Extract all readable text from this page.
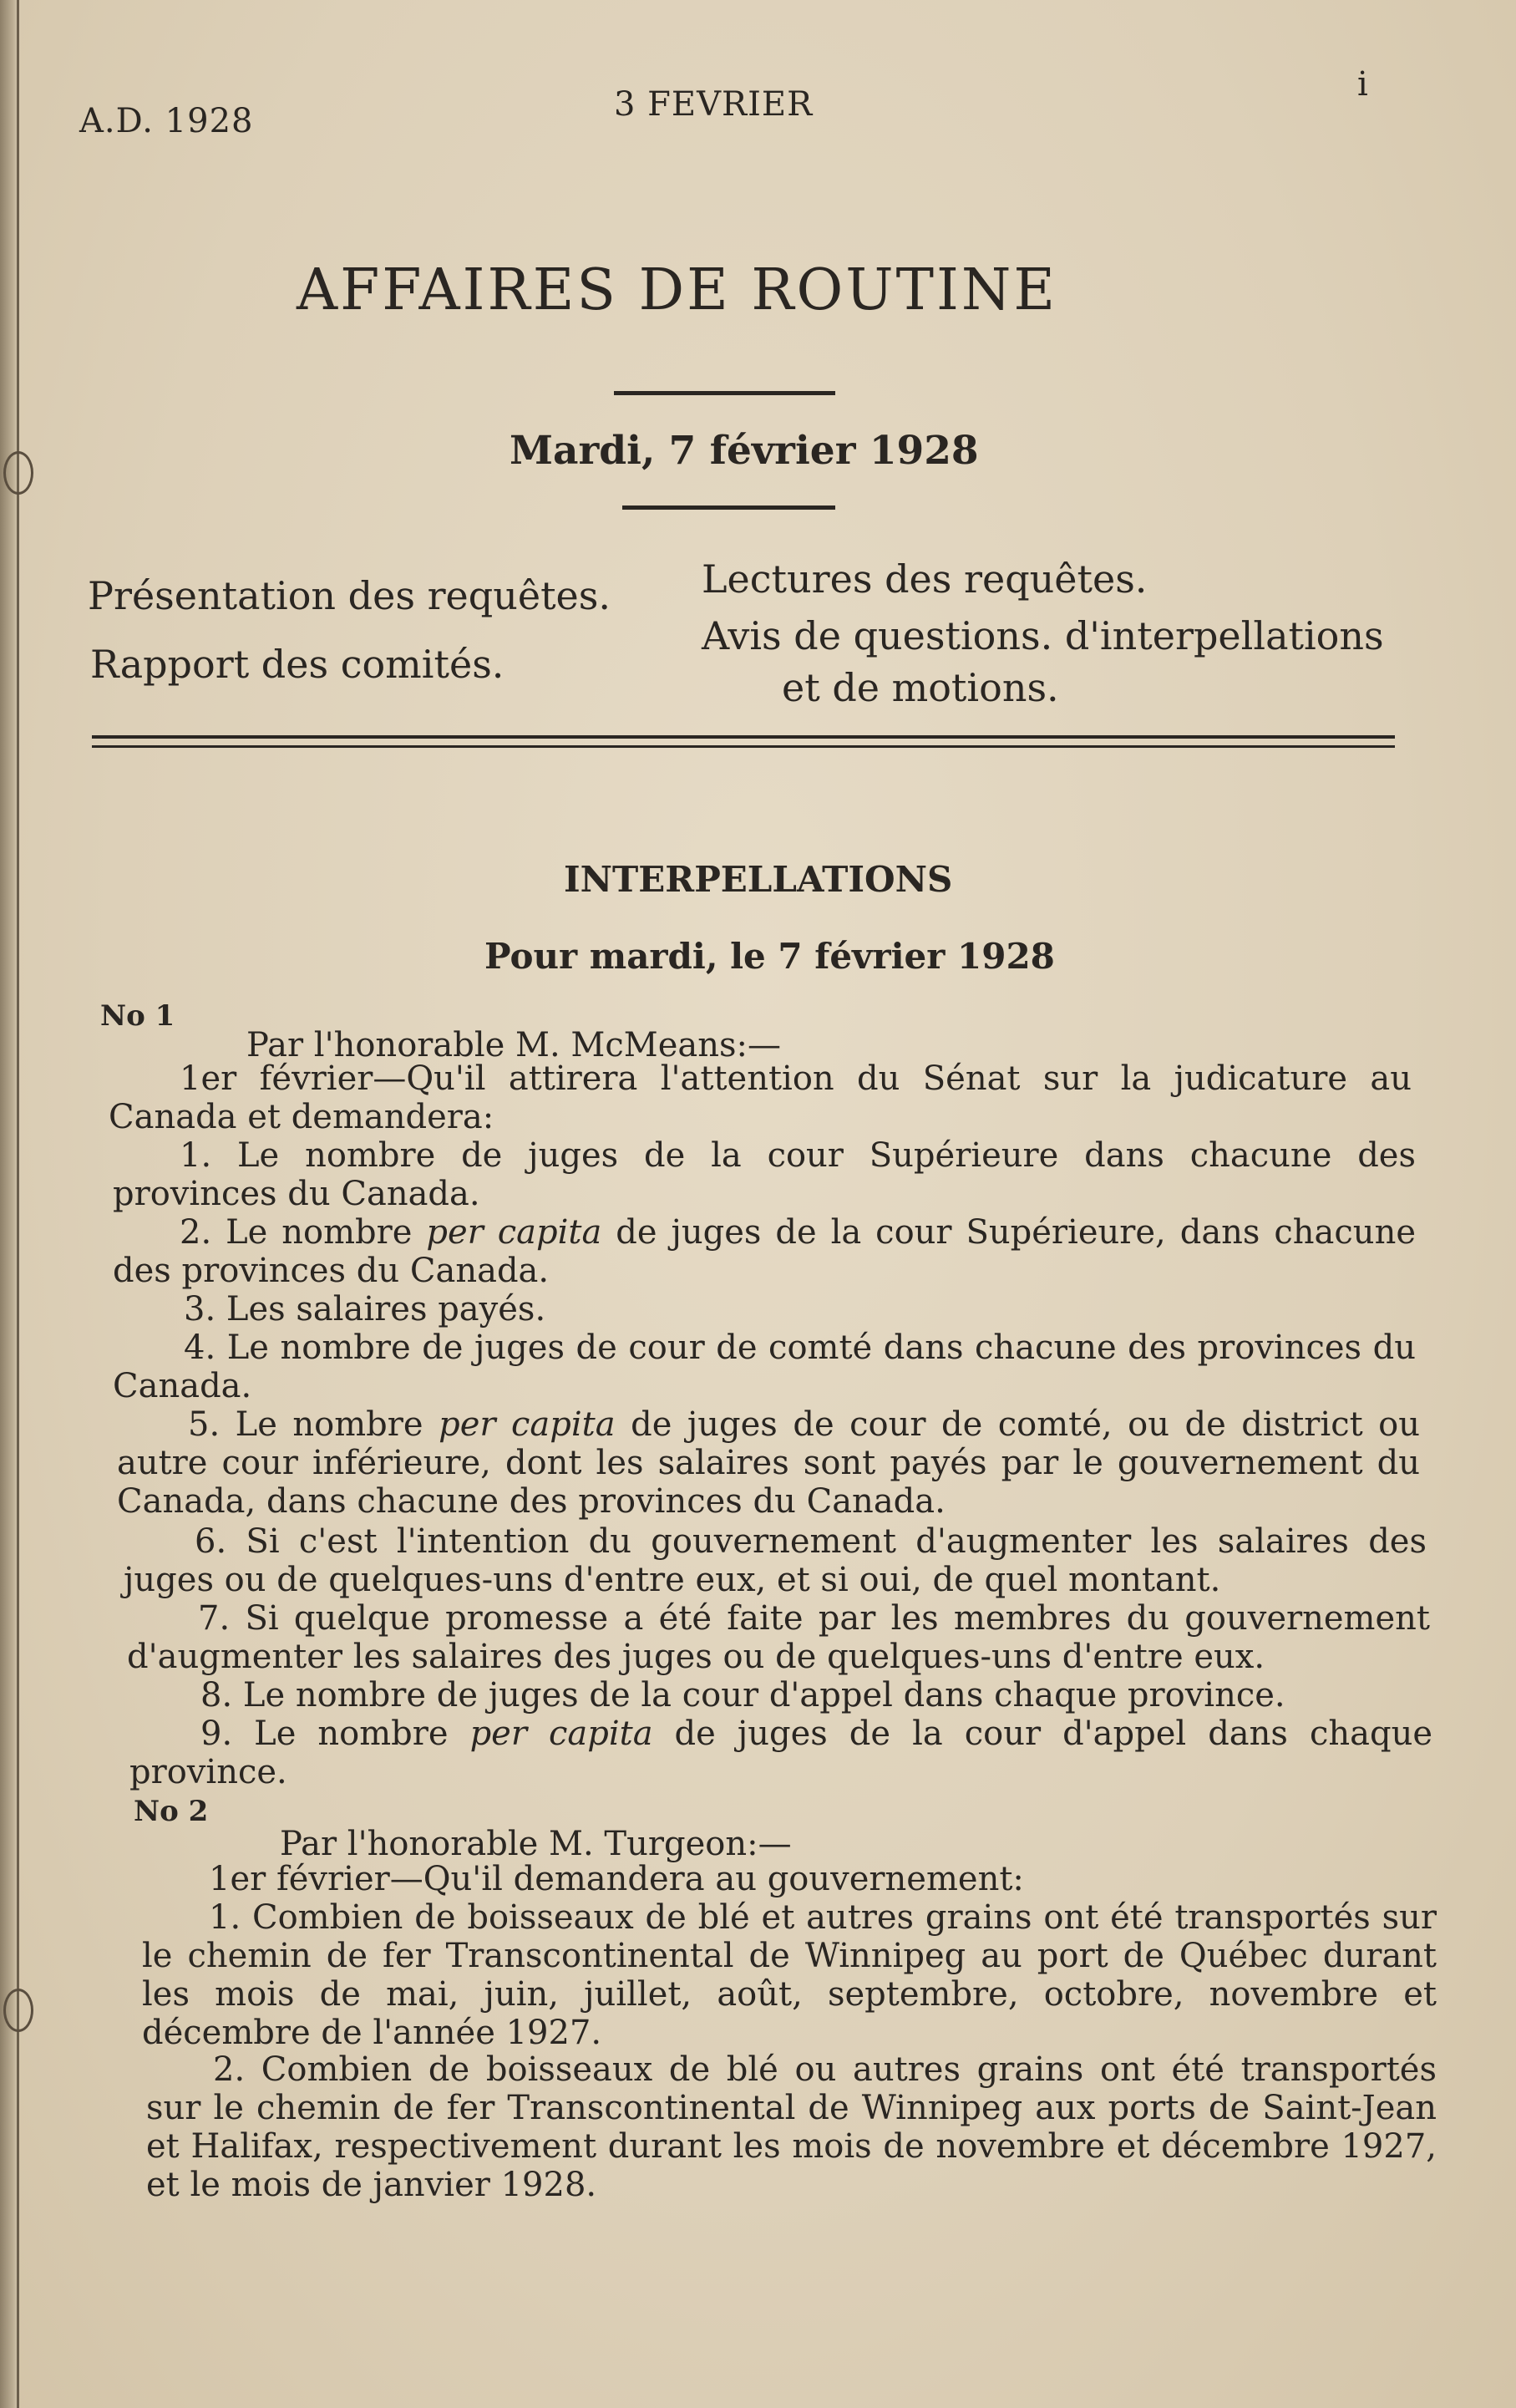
A.D. 1928	3 FEVRIER

i

AFFAIRES DE ROUTINE

Mardi, 7 février 1928

Présentation des requêtes.

Rapport des comités.

Lectures des requêtes.

Avis de questions. d'interpellations

et de motions.

INTERPELLATIONS

Pour mardi, le 7 février 1928

No 1

Par l'honorable M. McMeans:—

1er février—Qu'il attirera l'attention du Sénat sur la judicature au Canada et demandera:
1. Le nombre de juges de la cour Supérieure dans chacune des provinces du Canada.
2. Le nombre per capita de juges de la cour Supérieure, dans chacune des provinces du Canada.
3. Les salaires payés.
4. Le nombre de juges de cour de comté dans chacune des provinces du Canada.
5. Le nombre per capita de juges de cour de comté, ou de district ou autre cour inférieure, dont les salaires sont payés par le gouvernement du Canada, dans chacune des provinces du Canada.
6. Si c'est l'intention du gouvernement d'augmenter les salaires des juges ou de quelques-uns d'entre eux, et si oui, de quel montant.
7. Si quelque promesse a été faite par les membres du gouvernement d'augmenter les salaires des juges ou de quelques-uns d'entre eux.
8. Le nombre de juges de la cour d'appel dans chaque province.
9. Le nombre per capita de juges de la cour d'appel dans chaque province.

No 2

Par l'honorable M. Turgeon:—

1er février—Qu'il demandera au gouvernement:
1. Combien de boisseaux de blé et autres grains ont été transportés sur le chemin de fer Transcontinental de Winnipeg au port de Québec durant les mois de mai, juin, juillet, août, septembre, octobre, novembre et décembre de l'année 1927.
2. Combien de boisseaux de blé ou autres grains ont été transportés sur le chemin de fer Transcontinental de Winnipeg aux ports de Saint-Jean et Halifax, respectivement durant les mois de novembre et décembre 1927, et le mois de janvier 1928.
